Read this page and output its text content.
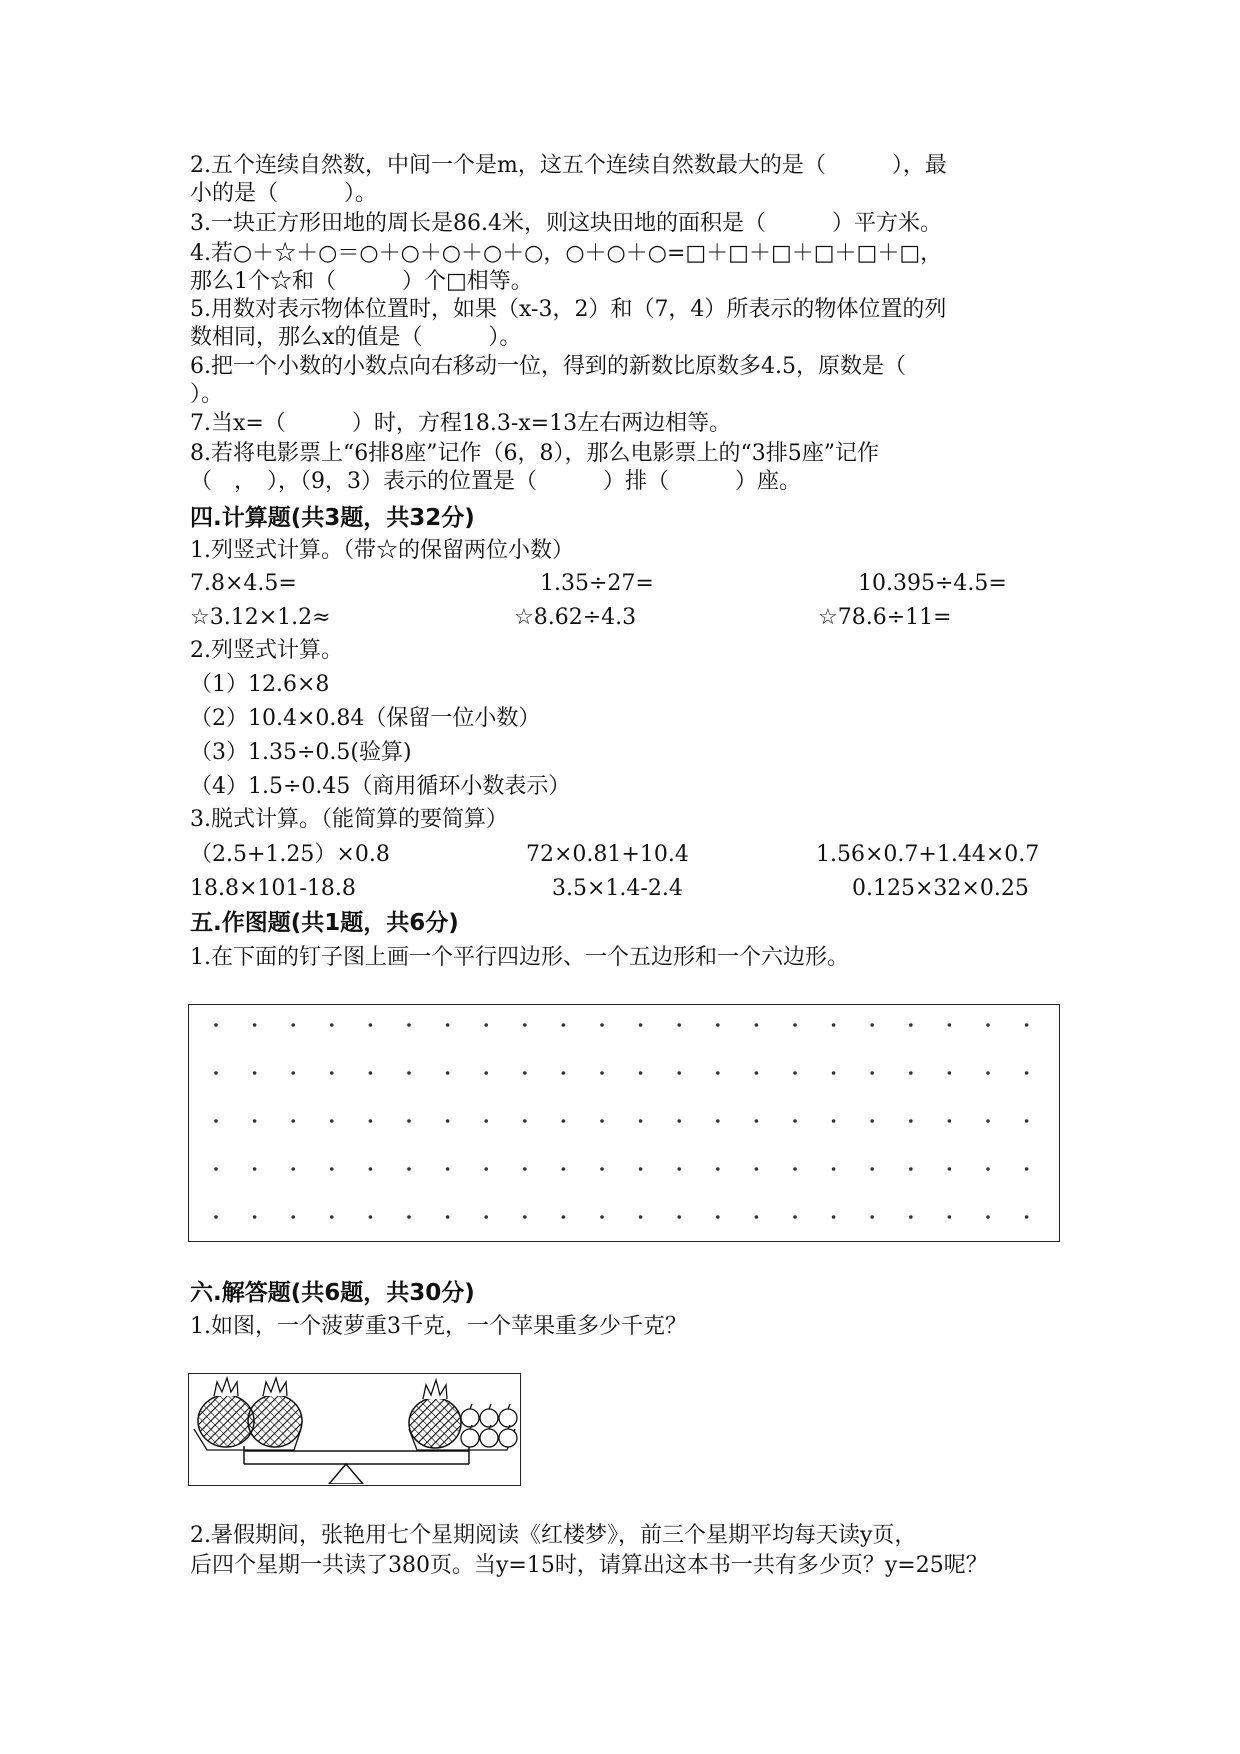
2.五个连续自然数，中间一个是m，这五个连续自然数最大的是（　　　），最
小的是（　　　）。
3.一块正方形田地的周长是86.4米，则这块田地的面积是（　　　）平方米。
4.若○＋☆＋○＝○＋○＋○＋○＋○，○＋○＋○=□＋□＋□＋□＋□＋□，
那么1个☆和（　　　）个□相等。
5.用数对表示物体位置时，如果（x-3，2）和（7，4）所表示的物体位置的列
数相同，那么x的值是（　　　）。
6.把一个小数的小数点向右移动一位，得到的新数比原数多4.5，原数是（
）。
7.当x=（　　　）时，方程18.3-x=13左右两边相等。
8.若将电影票上“6排8座”记作（6，8），那么电影票上的“3排5座”记作
（　，　），（9，3）表示的位置是（　　　）排（　　　）座。
四.计算题(共3题，共32分)
1.列竖式计算。（带☆的保留两位小数）
7.8×4.5=	1.35÷27=	10.395÷4.5=
☆3.12×1.2≈	☆8.62÷4.3	☆78.6÷11=
2.列竖式计算。
（1）12.6×8
（2）10.4×0.84（保留一位小数）
（3）1.35÷0.5(验算)
（4）1.5÷0.45（商用循环小数表示）
3.脱式计算。（能简算的要简算）
（2.5+1.25）×0.8	72×0.81+10.4	1.56×0.7+1.44×0.7
18.8×101-18.8	3.5×1.4-2.4	0.125×32×0.25
五.作图题(共1题，共6分)
1.在下面的钉子图上画一个平行四边形、一个五边形和一个六边形。
六.解答题(共6题，共30分)
1.如图，一个菠萝重3千克，一个苹果重多少千克？
2.暑假期间，张艳用七个星期阅读《红楼梦》，前三个星期平均每天读y页，
后四个星期一共读了380页。当y=15时，请算出这本书一共有多少页？y=25呢？
